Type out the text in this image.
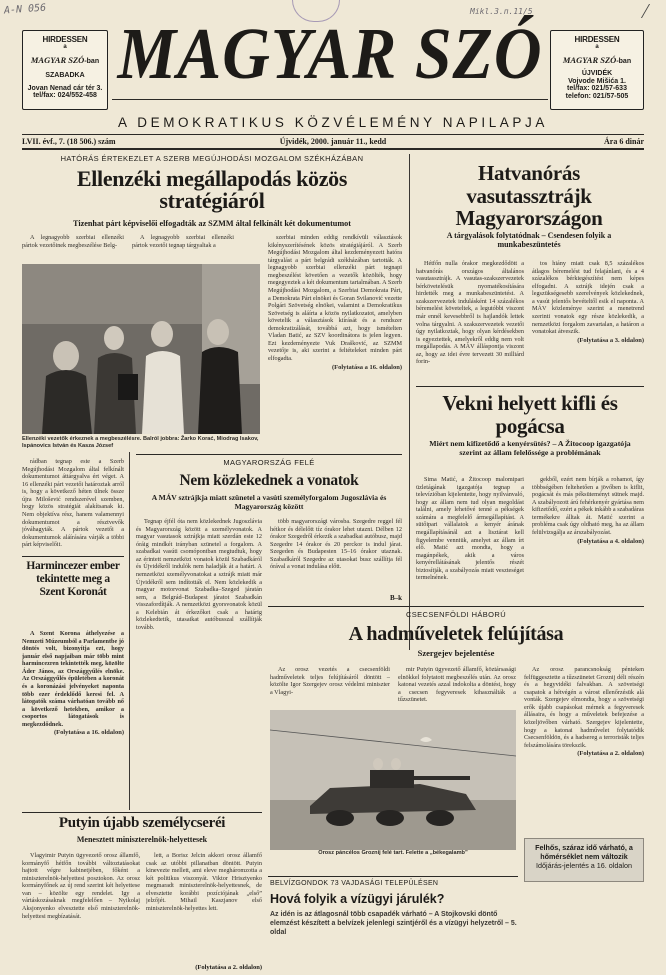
A-N 056	Mikl.3.п.11/5
HIRDESSEN
a
MAGYAR SZÓ-ban
SZABADKA
Jovan Nenad cár tér 3.
tel/fax: 024/552-458
HIRDESSEN
a
MAGYAR SZÓ-ban
ÚJVIDÉK
Vojvode Mišića 1.
tel/fax: 021/57-633
telefon: 021/57-505
MAGYAR SZÓ
A DEMOKRATIKUS KÖZVÉLEMÉNY NAPILAPJA
LVII. évf., 7. (18 506.) szám	Újvidék, 2000. január 11., kedd	Ára 6 dinár
HATÓRÁS ÉRTEKEZLET A SZERB MEGÚJHODÁSI MOZGALOM SZÉKHÁZÁBAN
Ellenzéki megállapodás közös stratégiáról
Tizenhat párt képviselői elfogadták az SZMM által felkínált két dokumentumot

A legnagyobb szerbiai ellenzéki pártok vezetőinek megbeszélése Belg-

A legnagyobb szerbiai ellenzéki pártok vezetői tegnap tárgyaltak a

szerbiai minden eddig rendkívüli választások kikényszerítésének közös stratégiájáról. A Szerb Megújhodási Mozgalom által kezdeményezett hatóra tárgyalást a párt belgrádi székházában tartották. A legnagyobb szerbiai ellenzéki párt tegnapi megbeszélést követően a vezetők közölték, hogy megegyeztek a két dokumentum tartalmában. A Szerb Megújhodási Mozgalom, a Szerbiai Demokrata Párt, a Demokrata Párt elnökei és Goran Svilanović vezette Polgári Szövetség elnökei, valamint a Demokratikus Szövetség is aláírta a közös nyilatkozatot, amelyben követelik a választások kiírását és a rendszer demokratizálását, továbbá azt, hogy ismételten Vladan Batić, az SZV koordinátora is jelen legyen. Ezt kezdeményezte Vuk Drašković, az SZMM vezetője is, aki szerint a feltételeket minden párt elfogadta.

(Folytatása a 16. oldalon)
Ellenzéki vezetők érkeznek a megbeszélésre. Balról jobbra: Žarko Korać, Miodrag Isakov, Ispánovics István és Kasza József

rádban tegnap este a Szerb Megújhodási Mozgalom által felkínált dokumentumot áttárgyalva ért véget. A 16 ellenzéki párt vezetői határoztak arról is, hogy a következő héten ülnek össze újra Milošević rendszerével szemben, hogy közös stratégiát alakítsanak ki. Nem objektíva rész, hanem valamennyi dokumentumot a résztvevők jóváhagyták. A pártok vezetői a dokumentumok aláírására várják a többi párt képviselőit.

Hatvanórás vasutassztrájk Magyarországon
A tárgyalások folytatódnak – Csendesen folyik a munkabeszüntetés

Hétfőn nulla órakor megkezdődött a hatvanórás országos általános vasutassztrájk. A vasutas-szakszervezetek bérkövetelésük nyomatékosítására hirdették meg a munkabeszüntetést. A szakszervezetek indulásként 14 százalékos béremelést követeltek, a legutóbbi viszont már ennél kevesebbről is hajlandók lettek volna tárgyalni. A szakszervezetek vezetői úgy nyilatkoztak, hogy olyan kérdésekben is egyeztettek, amelyekről eddig nem volt megállapodás. A MÁV álláspontja viszont az, hogy az idei évre tervezett 30 milliárd forin-

tos hiány miatt csak 8,5 százalékos átlagos béremelést tud felajánlani, és a 4 százalékos bérkiegészítést nem képes elfogadni. A sztrájk idején csak a legszükségesebb szerelvények közlekednek, a vasút jelentős bevételtől esik el naponta. A MÁV közleménye szerint a menetrend szerinti vonatok egy része közlekedik, a nemzetközi forgalom zavartalan, a határon a vonatokat átveszik.

(Folytatása a 3. oldalon)
Vekni helyett kifli és pogácsa
Miért nem kifizetődő a kenyérsütés? – A Žitocoop igazgatója szerint az állam felelőssége a problémának

Sima Matić, a Žitocoop malomipari üzletágának igazgatója tegnap a televízióban kijelentette, hogy nyilvánvaló, hogy az állam nem tud olyan megoldást találni, amely lehetővé tenné a pékségek számára a megfelelő ármegállapítást. A sütőipari vállalatok a kenyér árának megállapításánál azt a lisztárat kell figyelembe venniük, amelyet az állam írt elő. Matić azt mondta, hogy a magánpékek, akik a város kenyérellátásának jelentős részét biztosítják, a szabályozás miatt veszteséget termelnének.

gekből, ezért nem bírják a rohamot, így többségében feltehetően a jövőben is kiflit, pogácsát és más péksüteményt sütnek majd. A szabályozott árú fehérkenyér gyártása nem kifizetődő, ezért a pékek inkább a szabadáras termékekre álltak át. Matić szerint a probléma csak úgy oldható meg, ha az állam felülvizsgálja az árszabályozást.

(Folytatása a 4. oldalon)
Harmincezer ember tekintette meg a Szent Koronát

A Szent Korona áthelyezése a Nemzeti Múzeumból a Parlamentbe jó döntés volt, bizonyítja ezt, hogy január első napjaiban már több mint harmincezren tekintették meg, közölte Áder János, az Országgyűlés elnöke. Az Országgyűlés épületében a koronát és a koronázási jelvényeket naponta több ezer érdeklődő keresi fel. A látogatók száma várhatóan tovább nő a következő hetekben, amikor a csoportos látogatások is megkezdődnek.

(Folytatása a 16. oldalon)
MAGYARORSZÁG FELÉ
Nem közlekednek a vonatok
A MÁV sztrájkja miatt szünetel a vasúti személyforgalom Jugoszlávia és Magyarország között

Tegnap éjfél óta nem közlekednek Jugoszlávia és Magyarország között a személyvonatok. A magyar vasutasok sztrájkja miatt szerdán este 12 óráig mindkét irányban szünetel a forgalom. A szabadkai vasúti csomópontban megtudtuk, hogy az érintett nemzetközi vonatok közül Szabadkáról és Újvidékről indulók nem haladják át a határt. A nemzetközi személyvonatokat a sztrájk miatt már Újvidékről sem indították el. Nem közlekedik a magyar motorvonat Szabadka–Szeged járatán sem, a Belgrád–Budapest járatot Szabadkán visszafordítják. A nemzetközi gyorsvonatok közül a Kelebián át érkezőket csak a határig közlekedtetik, utasaikat autóbusszal szállítják tovább.

több magyarországi városba. Szegedre reggel fél hétkor és délelőtt tíz órakor lehet utazni. Délben 12 órakor Szegedről érkezik a szabadkai autóbusz, majd Szegedre 14 órakor és 20 perckor is indul járat. Szegeden és Budapesten 15–16 órakor utaznak. Szabadkáról Szegedre az utasokat busz szállítja fél órával a vonat indulása előtt.

B–k
CSECSENFÖLDI HÁBORÚ
A hadműveletek felújítása
Szergejev bejelentése

Az orosz vezetés a csecsenföldi hadműveletek teljes felújításáról döntött – közölte Igor Szergejev orosz védelmi miniszter a Vlagyi-

mir Putyin ügyvezető államfő, köztársasági elnökkel folytatott megbeszélés után. Az orosz katonai vezetés azzal indokolta a döntést, hogy a csecsen fegyveresek kihasználták a tűzszünetet.

Az orosz parancsnokság pénteken felfüggesztette a tűzszünetet Groznij déli részén és a hegyvidéki falvakban. A szövetségi csapatok a hétvégén a várost ellenőrzésük alá vonták. Szergejev elmondta, hogy a szövetségi erők újabb csapásokat mérnek a fegyveresek állásaira, és hogy a műveletek befejezése a közeljövőben várható. Szergejev kijelentette, hogy a katonai hadművelet folytatódik Csecsenföldön, és a hadsereg a terroristák teljes felszámolására törekszik.

(Folytatása a 2. oldalon)
Orosz páncélos Groznij felé tart. Felette a „békegalamb”
Felhős, száraz idő várható, a hőmérséklet nem változik
Időjárás-jelentés a 16. oldalon
Putyin újabb személycseréi
Menesztett miniszterelnök-helyettesek

Vlagyimir Putyin ügyvezető orosz államfő, kormányfő hétfőn további változtatásokat hajtott végre kabinetjében, főként a miniszterelnök-helyettesi posztokon. Az orosz kormányfőnek az új rend szerint két helyettese van – közölte egy rendelet. Igy a vártáskozásaknak megfelelően – Nyikolaj Aksjonyenko elvesztette első miniszterelnök-helyettesi megbízatását.

lett, a Borisz Jelcin akkori orosz államfő csak az utóbbi pillanatban döntött. Putyin kinevezte mellett, ami eleve megháromzotta a két politikus viszonyát. Viktor Hrisztyenko megmaradt miniszterelnök-helyettesnek, de elvesztette korábbi pozíciójának „első” jelzőjét. Mihail Kaszjanov első miniszterelnök-helyettes lett.

(Folytatása a 2. oldalon)
BELVÍZGONDOK 73 VAJDASÁGI TELEPÜLÉSEN
Hová folyik a vízügyi járulék?
Az idén is az átlagosnál több csapadék várható – A Stojkovski döntő elemzést készített a belvízek jelenlegi szintjéről és a vízügyi helyzetről – 5. oldal
